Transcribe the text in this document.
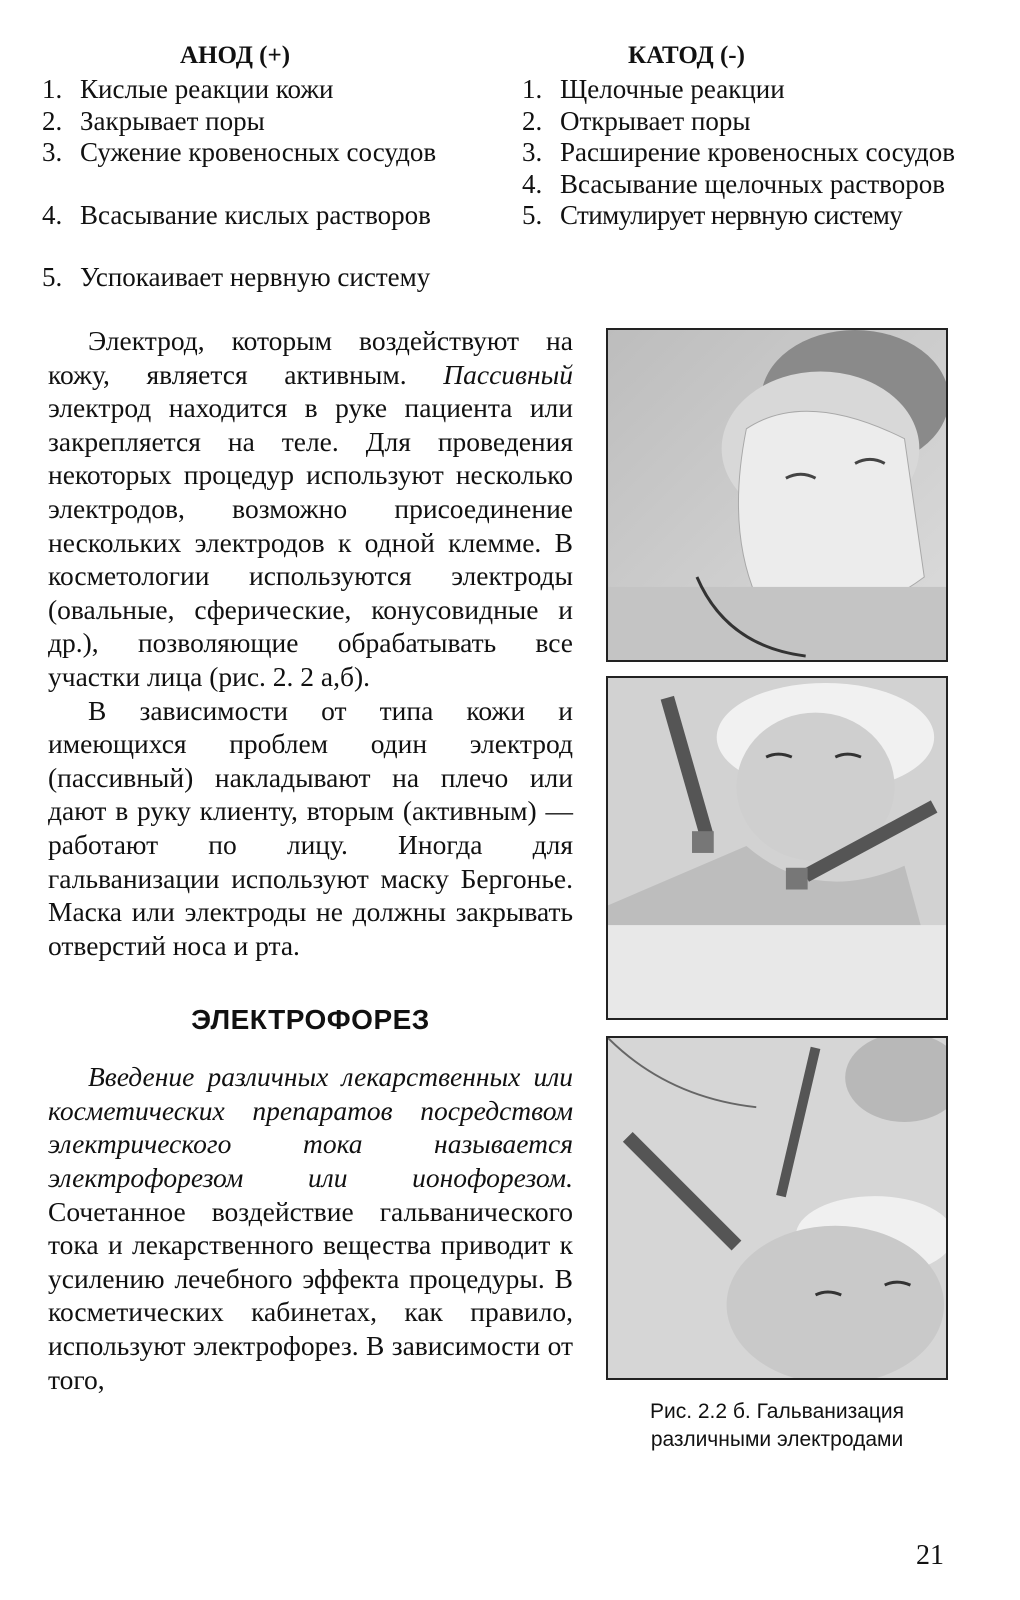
АНОД (+)
1. Кислые реакции кожи
2. Закрывает поры
3. Сужение кровеносных сосудов
4. Всасывание кислых растворов
5. Успокаивает нервную систему
КАТОД (-)
1. Щелочные реакции
2. Открывает поры
3. Расширение кровеносных сосудов
4. Всасывание щелочных растворов
5. Стимулирует нервную систему

Электрод, которым воздействуют на кожу, является активным. Пассивный электрод находится в руке пациента или закрепляется на теле. Для проведения некоторых процедур используют несколько электродов, возможно присоединение нескольких электродов к одной клемме. В косметологии используются электроды (овальные, сферические, конусовидные и др.), позволяющие обрабатывать все участки лица (рис. 2. 2 а,б).

В зависимости от типа кожи и имеющихся проблем один электрод (пассивный) накладывают на плечо или дают в руку клиенту, вторым (активным) — работают по лицу. Иногда для гальванизации используют маску Бергонье. Маска или электроды не должны закрывать отверстий носа и рта.

ЭЛЕКТРОФОРЕЗ

Введение различных лекарственных или косметических препаратов посредством электрического тока называется электрофорезом или ионофорезом. Сочетанное воздействие гальванического тока и лекарственного вещества приводит к усилению лечебного эффекта процедуры. В косметических кабинетах, как правило, используют электрофорез. В зависимости от того,

Рис. 2.2 б. Гальванизация
различными электродами
21
